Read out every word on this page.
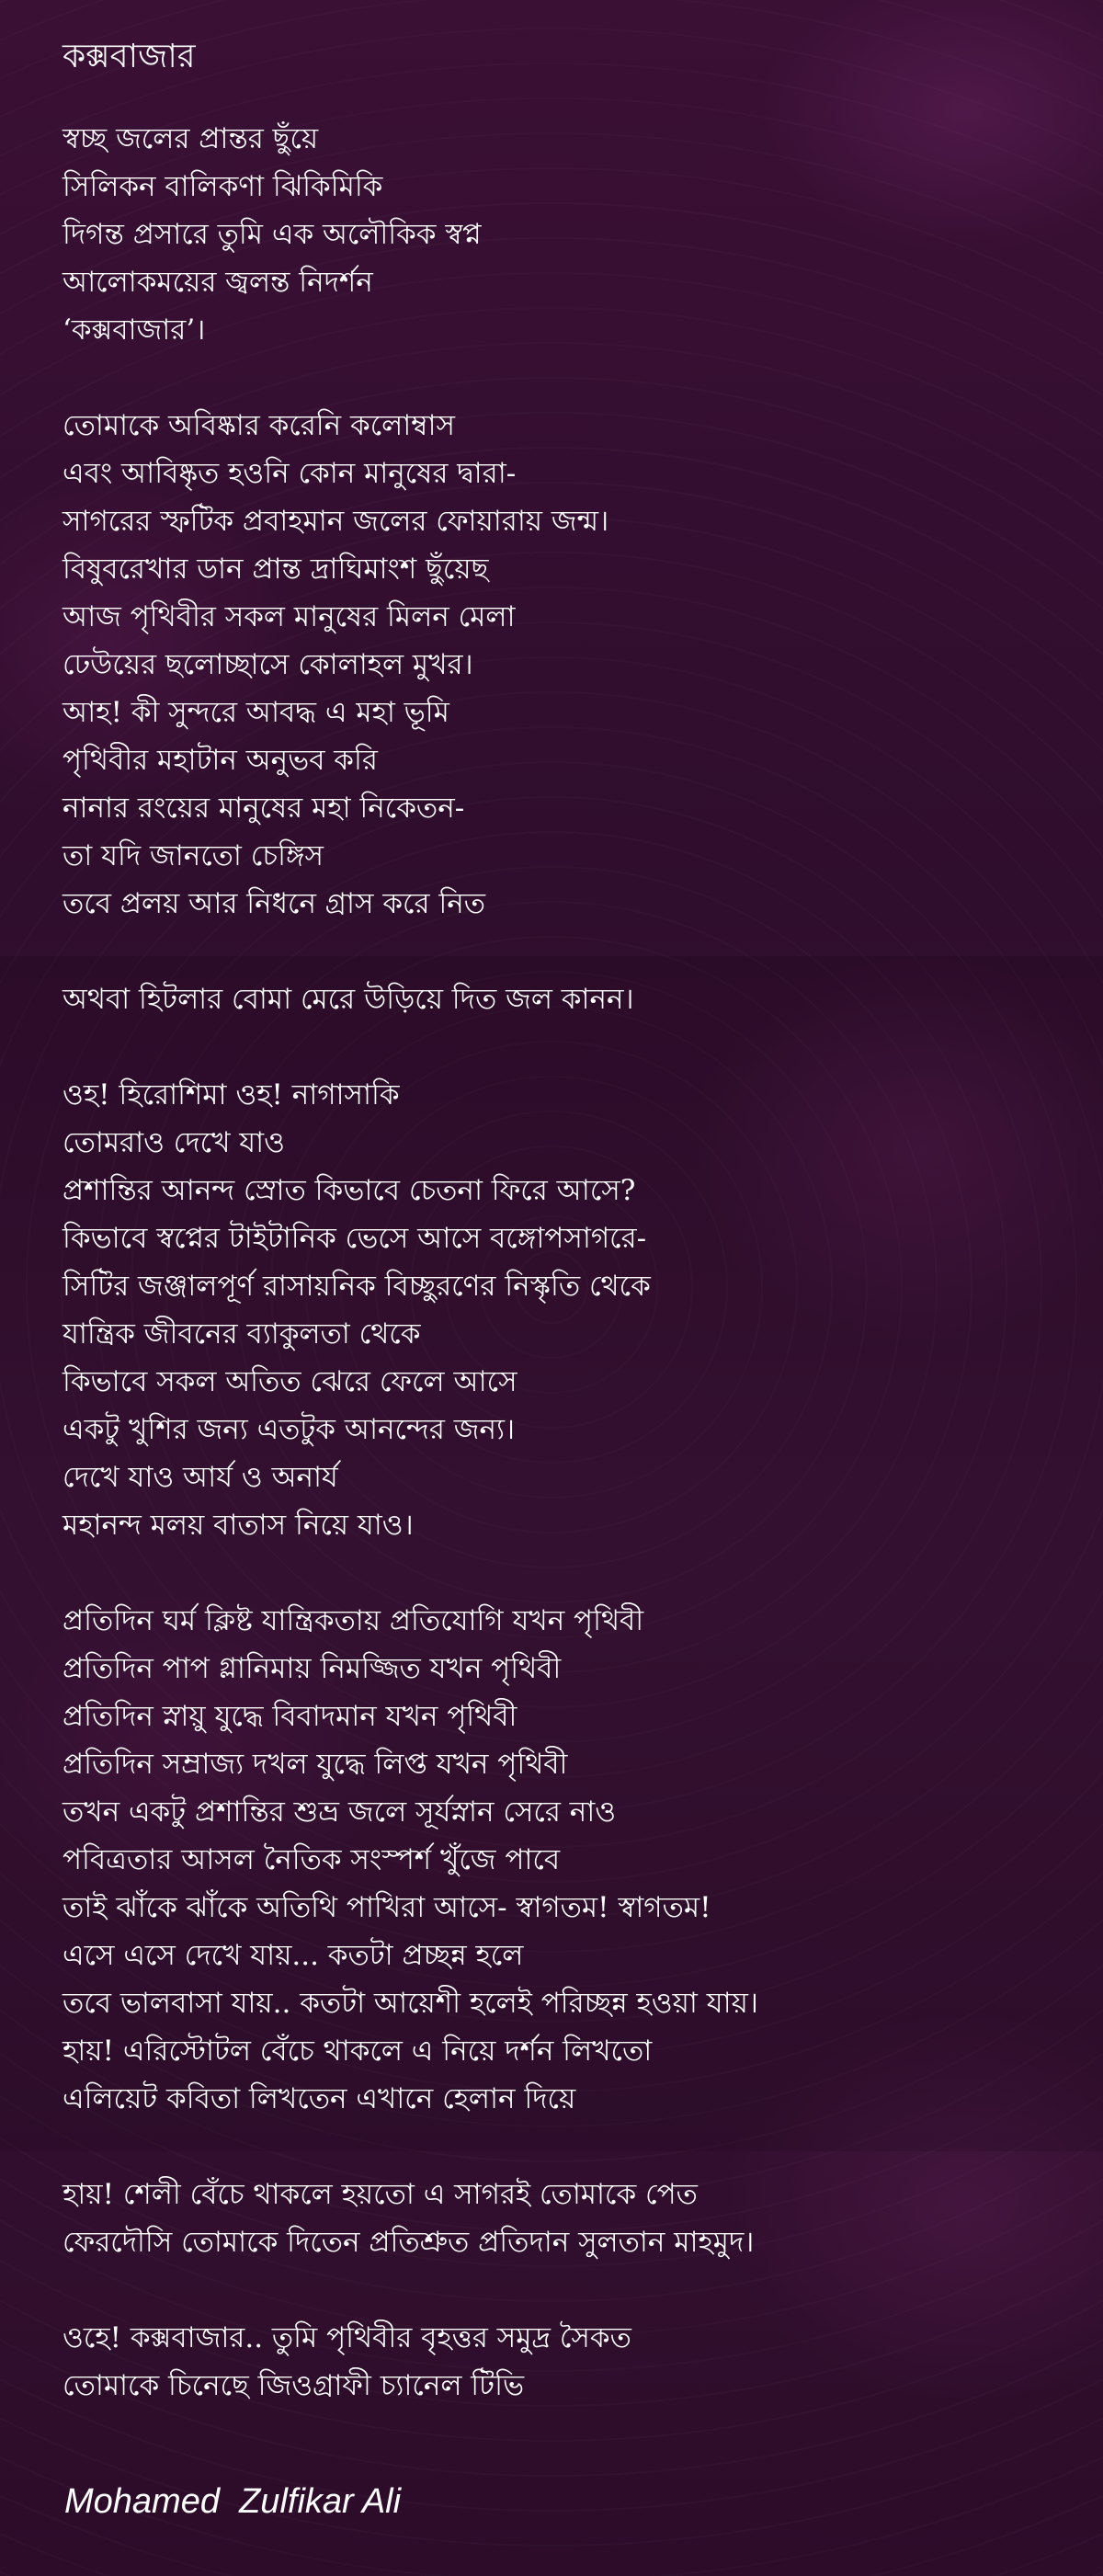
কক্সবাজার
স্বচ্ছ জলের প্রান্তর ছুঁয়ে
সিলিকন বালিকণা ঝিকিমিকি
দিগন্ত প্রসারে তুমি এক অলৌকিক স্বপ্ন
আলোকময়ের জ্বলন্ত নিদর্শন
‘কক্সবাজার’।
তোমাকে অবিষ্কার করেনি কলোম্বাস
এবং আবিষ্কৃত হওনি কোন মানুষের দ্বারা-
সাগরের স্ফটিক প্রবাহমান জলের ফোয়ারায় জন্ম।
বিষুবরেখার ডান প্রান্ত দ্রাঘিমাংশ ছুঁয়েছ
আজ পৃথিবীর সকল মানুষের মিলন মেলা
ঢেউয়ের ছলোচ্ছাসে কোলাহল মুখর।
আহ! কী সুন্দরে আবদ্ধ এ মহা ভূমি
পৃথিবীর মহাটান অনুভব করি
নানার রংয়ের মানুষের মহা নিকেতন-
তা যদি জানতো চেঙ্গিস
তবে প্রলয় আর নিধনে গ্রাস করে নিত
অথবা হিটলার বোমা মেরে উড়িয়ে দিত জল কানন।
ওহ! হিরোশিমা ওহ! নাগাসাকি
তোমরাও দেখে যাও
প্রশান্তির আনন্দ স্রোত কিভাবে চেতনা ফিরে আসে?
কিভাবে স্বপ্নের টাইটানিক ভেসে আসে বঙ্গোপসাগরে-
সিটির জঞ্জালপূর্ণ রাসায়নিক বিচ্ছুরণের নিস্কৃতি থেকে
যান্ত্রিক জীবনের ব্যাকুলতা থেকে
কিভাবে সকল অতিত ঝেরে ফেলে আসে
একটু খুশির জন্য এতটুক আনন্দের জন্য।
দেখে যাও আর্য ও অনার্য
মহানন্দ মলয় বাতাস নিয়ে যাও।
প্রতিদিন ঘর্ম ক্লিষ্ট যান্ত্রিকতায় প্রতিযোগি যখন পৃথিবী
প্রতিদিন পাপ গ্লানিমায় নিমজ্জিত যখন পৃথিবী
প্রতিদিন স্নায়ু যুদ্ধে বিবাদমান যখন পৃথিবী
প্রতিদিন সম্রাজ্য দখল যুদ্ধে লিপ্ত যখন পৃথিবী
তখন একটু প্রশান্তির শুভ্র জলে সূর্যস্নান সেরে নাও
পবিত্রতার আসল নৈতিক সংস্পর্শ খুঁজে পাবে
তাই ঝাঁকে ঝাঁকে অতিথি পাখিরা আসে- স্বাগতম! স্বাগতম!
এসে এসে দেখে যায়... কতটা প্রচ্ছন্ন হলে
তবে ভালবাসা যায়.. কতটা আয়েশী হলেই পরিচ্ছন্ন হওয়া যায়।
হায়! এরিস্টোটল বেঁচে থাকলে এ নিয়ে দর্শন লিখতো
এলিয়েট কবিতা লিখতেন এখানে হেলান দিয়ে
হায়! শেলী বেঁচে থাকলে হয়তো এ সাগরই তোমাকে পেত
ফেরদৌসি তোমাকে দিতেন প্রতিশ্রুত প্রতিদান সুলতান মাহমুদ।
ওহে! কক্সবাজার.. তুমি পৃথিবীর বৃহত্তর সমুদ্র সৈকত
তোমাকে চিনেছে জিওগ্রাফী চ্যানেল টিভি
Mohamed  Zulfikar Ali
